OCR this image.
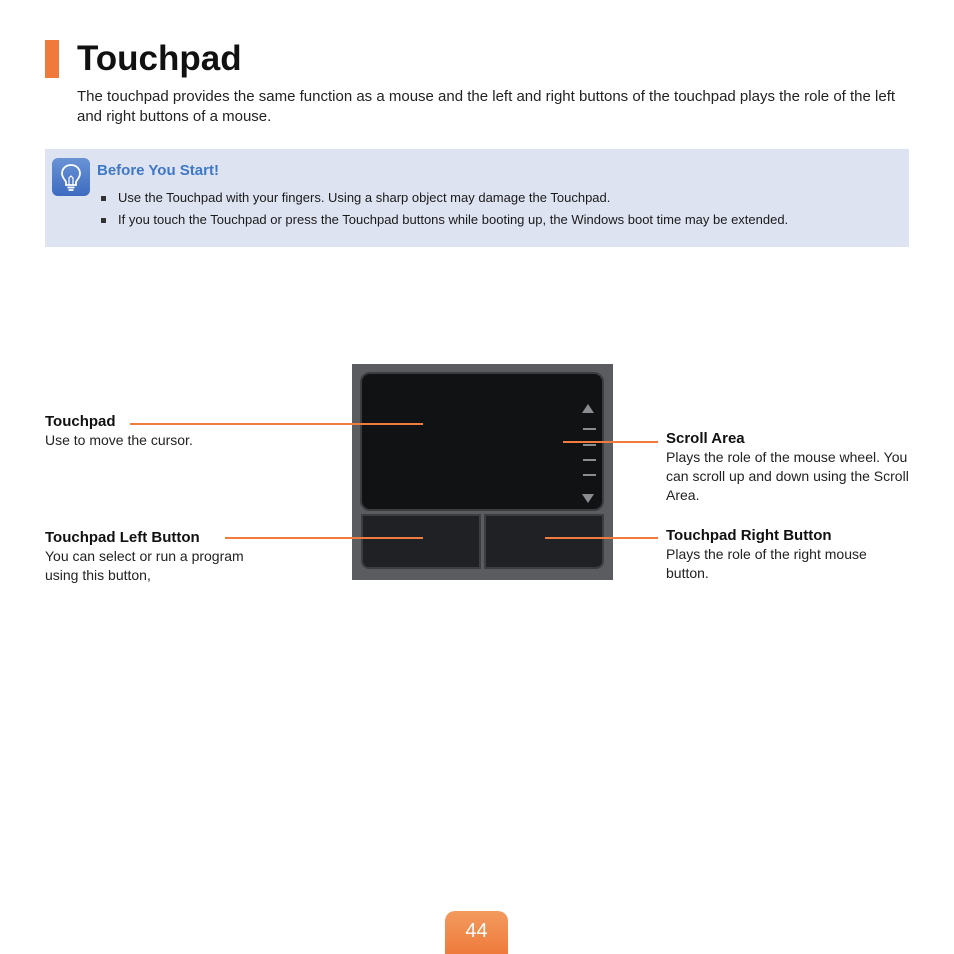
Touchpad

The touchpad provides the same function as a mouse and the left and right buttons of the touchpad plays the role of the left and right buttons of a mouse.

Before You Start!
Use the Touchpad with your fingers. Using a sharp object may damage the Touchpad.
If you touch the Touchpad or press the Touchpad buttons while booting up, the Windows boot time may be extended.
Touchpad
Use to move the cursor.
Touchpad Left Button
You can select or run a program using this button,
Scroll Area
Plays the role of the mouse wheel. You can scroll up and down using the Scroll Area.
Touchpad Right Button
Plays the role of the right mouse button.
44
